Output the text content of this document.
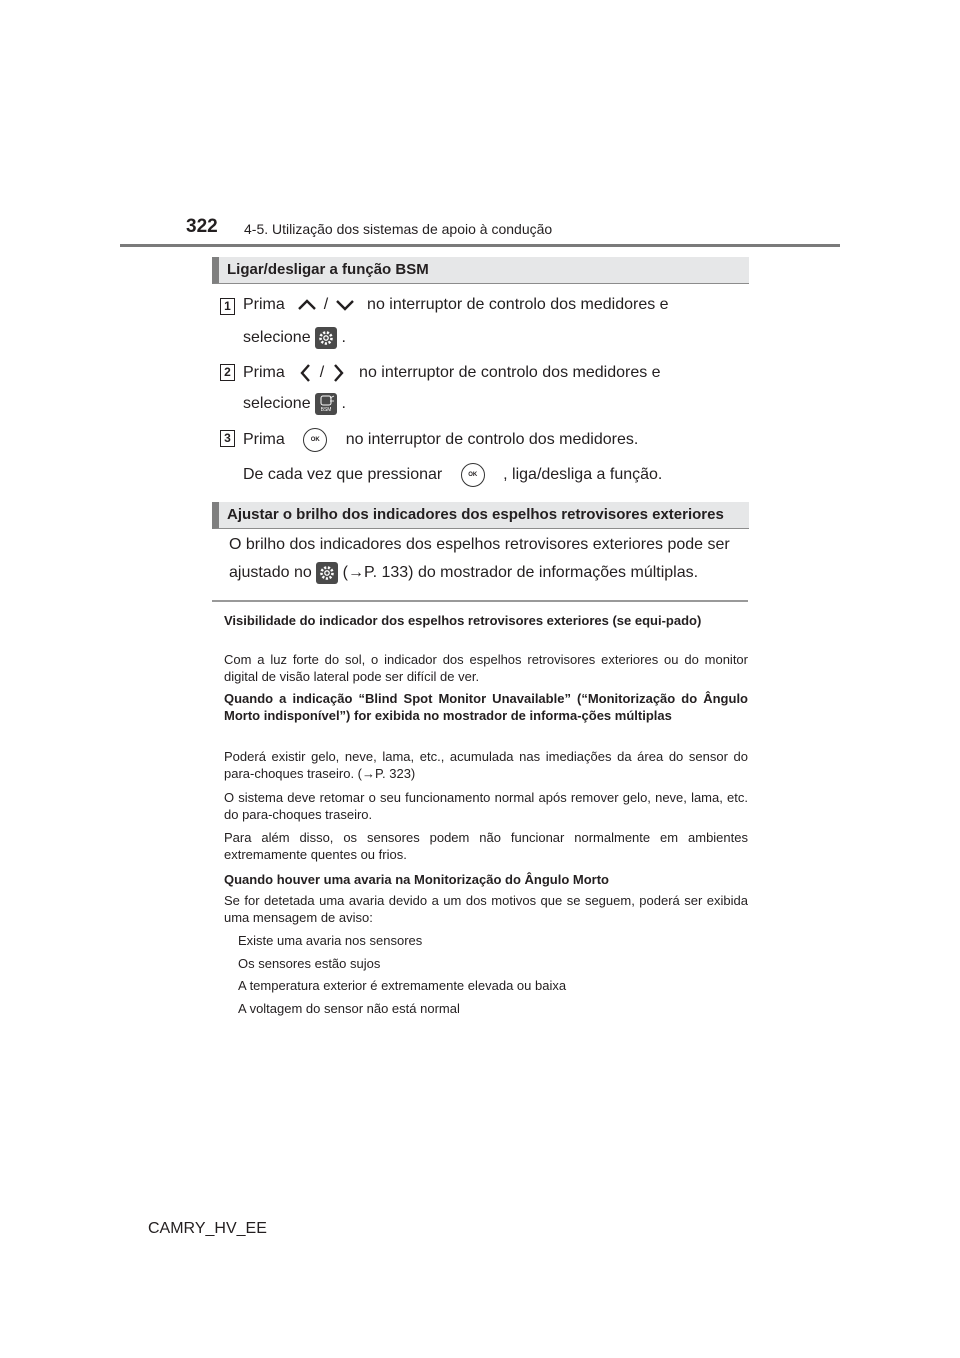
322 4-5. Utilização dos sistemas de apoio à condução
Ligar/desligar a função BSM
1 Prima / no interruptor de controlo dos medidores e
selecione .
2 Prima / no interruptor de controlo dos medidores e
selecione	BSM .
3 Prima	OK no interruptor de controlo dos medidores.
De cada vez que pressionar	OK , liga/desliga a função.
Ajustar o brilho dos indicadores dos espelhos retrovisores exteriores
O brilho dos indicadores dos espelhos retrovisores exteriores pode ser
ajustado no (→P. 133) do mostrador de informações múltiplas.
Visibilidade do indicador dos espelhos retrovisores exteriores (se equi-pado)
Com a luz forte do sol, o indicador dos espelhos retrovisores exteriores ou do monitor digital de visão lateral pode ser difícil de ver.
Quando a indicação “Blind Spot Monitor Unavailable” (“Monitorização do Ângulo Morto indisponível”) for exibida no mostrador de informa-ções múltiplas
Poderá existir gelo, neve, lama, etc., acumulada nas imediações da área do sensor do para-choques traseiro. (→P. 323)
O sistema deve retomar o seu funcionamento normal após remover gelo, neve, lama, etc. do para-choques traseiro.
Para além disso, os sensores podem não funcionar normalmente em ambientes extremamente quentes ou frios.
Quando houver uma avaria na Monitorização do Ângulo Morto
Se for detetada uma avaria devido a um dos motivos que se seguem, poderá ser exibida uma mensagem de aviso:
Existe uma avaria nos sensores
Os sensores estão sujos
A temperatura exterior é extremamente elevada ou baixa
A voltagem do sensor não está normal
CAMRY_HV_EE
